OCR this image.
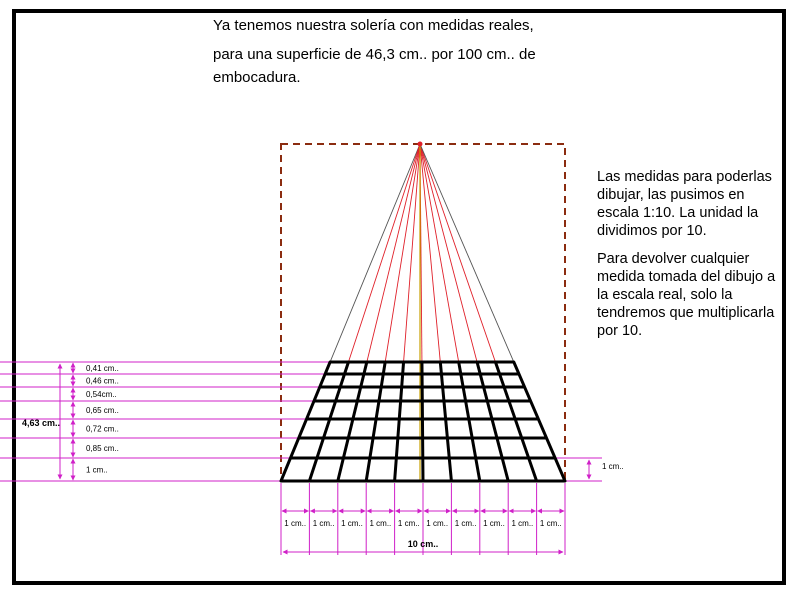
Ya tenemos nuestra solería con medidas reales,
para una superficie de 46,3 cm.. por 100 cm.. de embocadura.

Las medidas para poderlas dibujar, las pusimos en escala 1:10. La unidad la dividimos por 10.

Para devolver cualquier medida tomada del dibujo a la escala real, solo la tendremos que multiplicarla por 10.

0,41 cm..
0,46 cm..
0,54cm..
0,65 cm..
0,72 cm..
0,85 cm..
1 cm..
4,63 cm..
1 cm..
1 cm.. 1 cm.. 1 cm.. 1 cm.. 1 cm.. 1 cm.. 1 cm.. 1 cm.. 1 cm.. 1 cm..
10 cm..
